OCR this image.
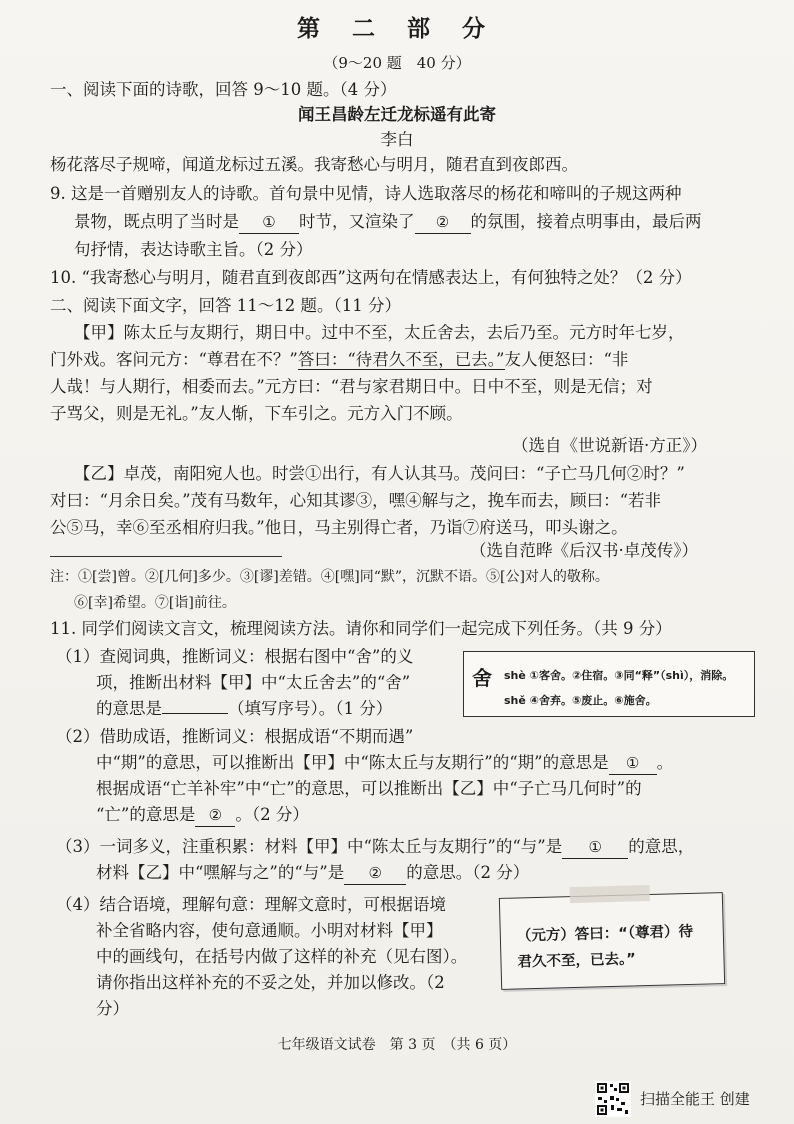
第 二 部 分
（9～20 题　40 分）
一、阅读下面的诗歌，回答 9～10 题。（4 分）
闻王昌龄左迁龙标遥有此寄
李白
杨花落尽子规啼，闻道龙标过五溪。我寄愁心与明月，随君直到夜郎西。
9. 这是一首赠别友人的诗歌。首句景中见情，诗人选取落尽的杨花和啼叫的子规这两种
景物，既点明了当时是 ① 时节，又渲染了 ② 的氛围，接着点明事由，最后两
句抒情，表达诗歌主旨。（2 分）
10. “我寄愁心与明月，随君直到夜郎西”这两句在情感表达上，有何独特之处？（2 分）
二、阅读下面文字，回答 11～12 题。（11 分）
【甲】陈太丘与友期行，期日中。过中不至，太丘舍去，去后乃至。元方时年七岁，
门外戏。客问元方：“尊君在不？”答曰：“待君久不至，已去。”友人便怒曰：“非
人哉！与人期行，相委而去。”元方曰：“君与家君期日中。日中不至，则是无信；对
子骂父，则是无礼。”友人惭，下车引之。元方入门不顾。
（选自《世说新语·方正》）
【乙】卓茂，南阳宛人也。时尝①出行，有人认其马。茂问曰：“子亡马几何②时？”
对曰：“月余日矣。”茂有马数年，心知其谬③，嘿④解与之，挽车而去，顾曰：“若非
公⑤马，幸⑥至丞相府归我。”他日，马主别得亡者，乃诣⑦府送马，叩头谢之。
（选自范晔《后汉书·卓茂传》）
注：①[尝]曾。②[几何]多少。③[谬]差错。④[嘿]同“默”，沉默不语。⑤[公]对人的敬称。
⑥[幸]希望。⑦[诣]前往。
11. 同学们阅读文言文，梳理阅读方法。请你和同学们一起完成下列任务。（共 9 分）
（1）查阅词典，推断词义：根据右图中“舍”的义
项，推断出材料【甲】中“太丘舍去”的“舍”
的意思是	（填写序号）。（1 分）
舍 shè ①客舍。②住宿。③同“释”（shì），消除。
shě ④舍弃。⑤废止。⑥施舍。
（2）借助成语，推断词义：根据成语“不期而遇”
中“期”的意思，可以推断出【甲】中“陈太丘与友期行”的“期”的意思是 ① 。
根据成语“亡羊补牢”中“亡”的意思，可以推断出【乙】中“子亡马几何时”的
“亡”的意思是 ② 。（2 分）
（3）一词多义，注重积累：材料【甲】中“陈太丘与友期行”的“与”是 ① 的意思，
材料【乙】中“嘿解与之”的“与”是 ② 的意思。（2 分）
（4）结合语境，理解句意：理解文意时，可根据语境
补全省略内容，使句意通顺。小明对材料【甲】
中的画线句，在括号内做了这样的补充（见右图）。
请你指出这样补充的不妥之处，并加以修改。（2
分）
（元方）答曰：“（尊君）待
君久不至，已去。”
七年级语文试卷　第 3 页　（共 6 页）
扫描全能王 创建
